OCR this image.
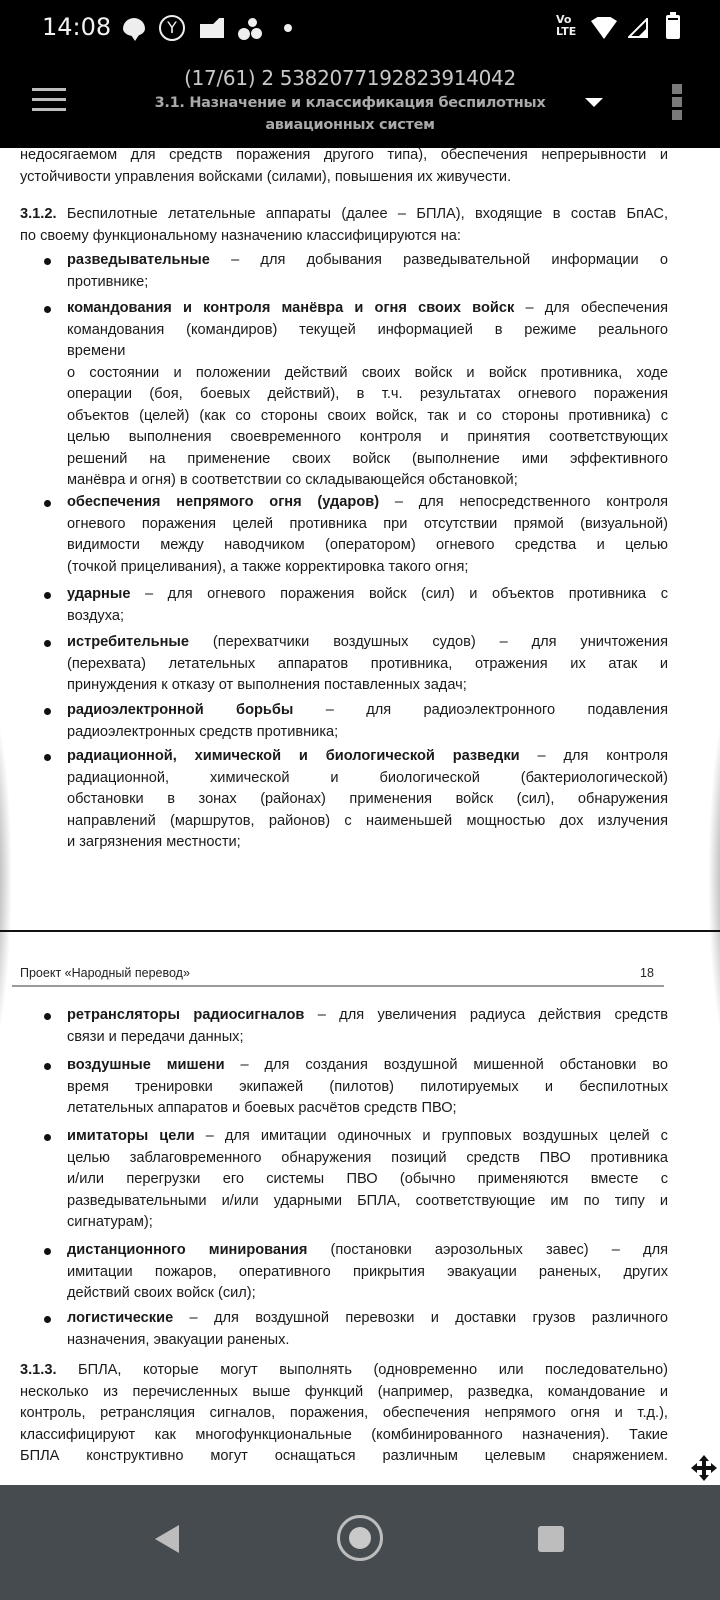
14:08	Y	Vo
LTE
(17/61) 2 5382077192823914042
3.1. Назначение и классификация беспилотных
авиационных систем
недосягаемом для средств поражения другого типа), обеспечения непрерывности и
устойчивости управления войсками (силами), повышения их живучести.
3.1.2. Беспилотные летательные аппараты (далее – БПЛА), входящие в состав БпАС,
по своему функциональному назначению классифицируются на:
разведывательные – для добывания разведывательной информации о
противнике;
командования и контроля манёвра и огня своих войск – для обеспечения
командования (командиров) текущей информацией в режиме реального
времени
о состоянии и положении действий своих войск и войск противника, ходе
операции (боя, боевых действий), в т.ч. результатах огневого поражения
объектов (целей) (как со стороны своих войск, так и со стороны противника) с
целью выполнения своевременного контроля и принятия соответствующих
решений на применение своих войск (выполнение ими эффективного
манёвра и огня) в соответствии со складывающейся обстановкой;
обеспечения непрямого огня (ударов) – для непосредственного контроля
огневого поражения целей противника при отсутствии прямой (визуальной)
видимости между наводчиком (оператором) огневого средства и целью
(точкой прицеливания), а также корректировка такого огня;
ударные – для огневого поражения войск (сил) и объектов противника с
воздуха;
истребительные (перехватчики воздушных судов) – для уничтожения
(перехвата) летательных аппаратов противника, отражения их атак и
принуждения к отказу от выполнения поставленных задач;
радиоэлектронной борьбы – для радиоэлектронного подавления
радиоэлектронных средств противника;
радиационной, химической и биологической разведки – для контроля
радиационной, химической и биологической (бактериологической)
обстановки в зонах (районах) применения войск (сил), обнаружения
направлений (маршрутов, районов) с наименьшей мощностью дох излучения
и загрязнения местности;
Проект «Народный перевод»	18
ретрансляторы радиосигналов – для увеличения радиуса действия средств
связи и передачи данных;
воздушные мишени – для создания воздушной мишенной обстановки во
время тренировки экипажей (пилотов) пилотируемых и беспилотных
летательных аппаратов и боевых расчётов средств ПВО;
имитаторы цели – для имитации одиночных и групповых воздушных целей с
целью заблаговременного обнаружения позиций средств ПВО противника
и/или перегрузки его системы ПВО (обычно применяются вместе с
разведывательными и/или ударными БПЛА, соответствующие им по типу и
сигнатурам);
дистанционного минирования (постановки аэрозольных завес) – для
имитации пожаров, оперативного прикрытия эвакуации раненых, других
действий своих войск (сил);
логистические – для воздушной перевозки и доставки грузов различного
назначения, эвакуации раненых.
3.1.3. БПЛА, которые могут выполнять (одновременно или последовательно)
несколько из перечисленных выше функций (например, разведка, командование и
контроль, ретрансляция сигналов, поражения, обеспечения непрямого огня и т.д.),
классифицируют как многофункциональные (комбинированного назначения). Такие
БПЛА конструктивно могут оснащаться различным целевым снаряжением.
